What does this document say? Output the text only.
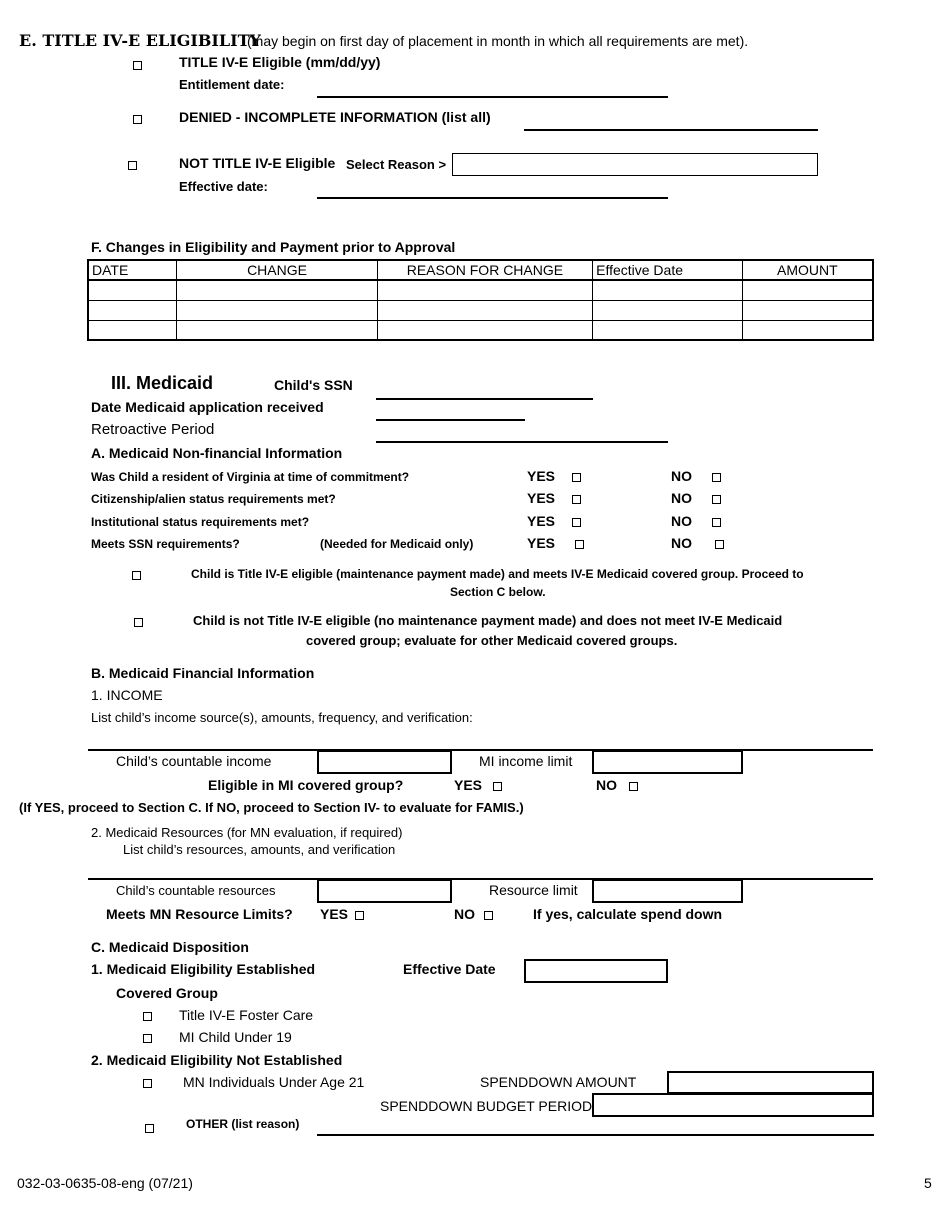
E. TITLE IV-E ELIGIBILITY
(may begin on first day of placement in month in which all requirements are met).
TITLE IV-E Eligible (mm/dd/yy)
Entitlement date:
DENIED - INCOMPLETE INFORMATION (list all)
NOT TITLE IV-E Eligible Select Reason >
Effective date:
F. Changes in Eligibility and Payment prior to Approval
DATE	CHANGE	REASON FOR CHANGE	Effective Date	AMOUNT

III. Medicaid	Child's SSN
Date Medicaid application received
Retroactive Period
A. Medicaid Non-financial Information
Was Child a resident of Virginia at time of commitment?	YES	NO
Citizenship/alien status requirements met?	YES	NO
Institutional status requirements met?	YES	NO
Meets SSN requirements?	(Needed for Medicaid only)	YES	NO
Child is Title IV-E eligible (maintenance payment made) and meets IV-E Medicaid covered group. Proceed to
Section C below.
Child is not Title IV-E eligible (no maintenance payment made) and does not meet IV-E Medicaid
covered group; evaluate for other Medicaid covered groups.
B. Medicaid Financial Information
1. INCOME
List child’s income source(s), amounts, frequency, and verification:
Child’s countable income	MI income limit
Eligible in MI covered group?	YES	NO
(If YES, proceed to Section C. If NO, proceed to Section IV- to evaluate for FAMIS.)
2. Medicaid Resources (for MN evaluation, if required)
List child’s resources, amounts, and verification
Child’s countable resources	Resource limit
Meets MN Resource Limits? YES	NO	If yes, calculate spend down
C. Medicaid Disposition
1. Medicaid Eligibility Established	Effective Date
Covered Group
Title IV-E Foster Care
MI Child Under 19
2. Medicaid Eligibility Not Established
MN Individuals Under Age 21	SPENDDOWN AMOUNT
SPENDDOWN BUDGET PERIOD
OTHER (list reason)
032-03-0635-08-eng (07/21)	5
